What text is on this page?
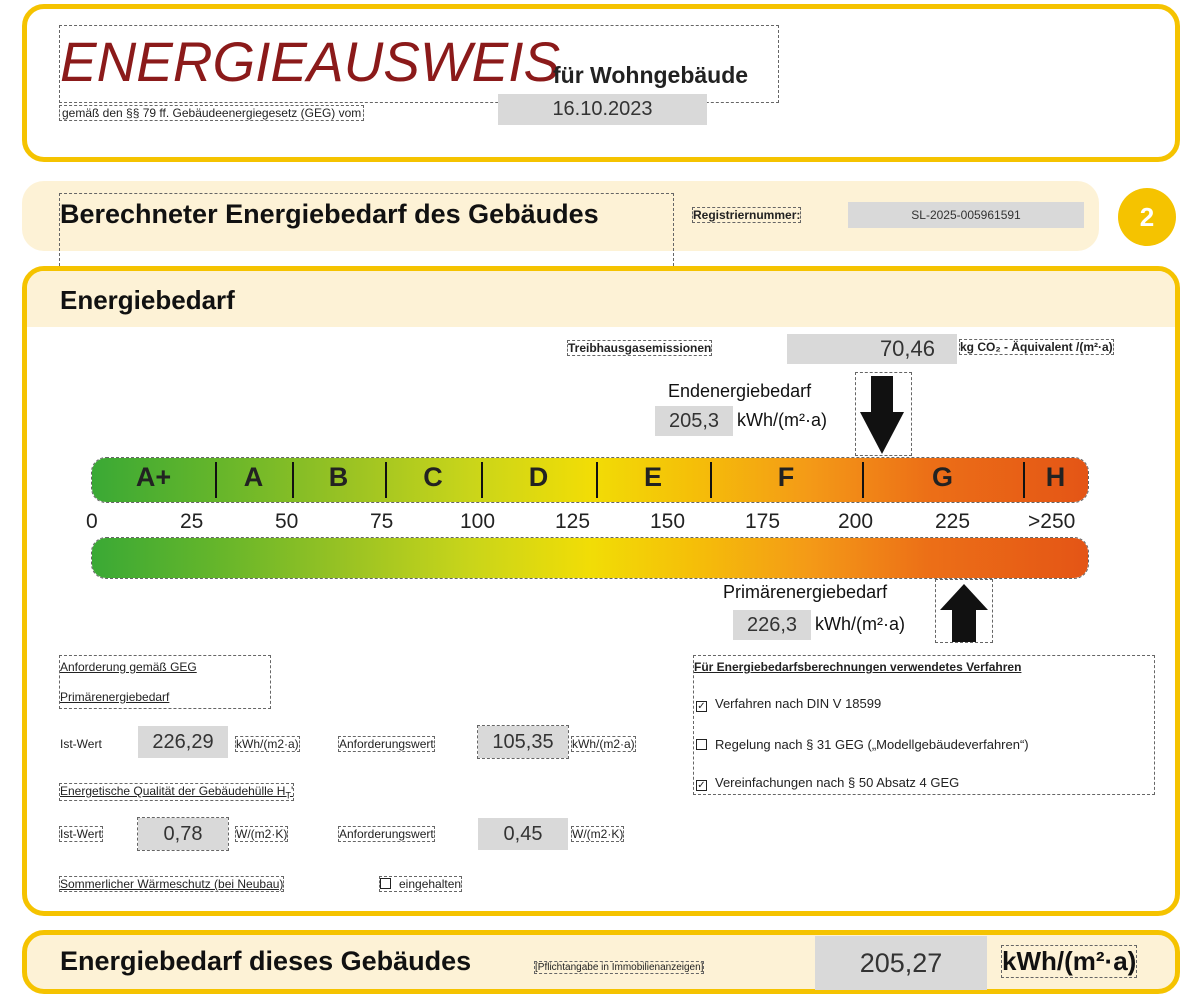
ENERGIEAUSWEIS
für Wohngebäude
gemäß den §§ 79 ff. Gebäudeenergiegesetz (GEG) vom	16.10.2023
Berechneter Energiebedarf des Gebäudes	Registriernummer:	SL-2025-005961591	2
Energiebedarf
Treibhausgasemissionen	70,46	kg CO₂ - Äquivalent /(m²·a)
Endenergiebedarf
205,3 kWh/(m²·a)
A+	A	B	C	D	E	F	G	H
0	25	50	75	100	125	150	175	200	225	>250
Primärenergiebedarf
226,3 kWh/(m²·a)
Anforderung gemäß GEG
Primärenergiebedarf
Ist-Wert	226,29	kWh/(m2·a)	Anforderungswert	105,35	kWh/(m2·a)
Energetische Qualität der Gebäudehülle $H_T'$
Ist-Wert	0,78	W/(m2·K)	Anforderungswert	0,45	W/(m2·K)
Sommerlicher Wärmeschutz (bei Neubau)	eingehalten
Für Energiebedarfsberechnungen verwendetes Verfahren
✓ Verfahren nach DIN V 18599
Regelung nach § 31 GEG („Modellgebäudeverfahren“)
✓ Vereinfachungen nach § 50 Absatz 4 GEG
Energiebedarf dieses Gebäudes	[Pflichtangabe in Immobilienanzeigen]	205,27	kWh/(m²·a)
